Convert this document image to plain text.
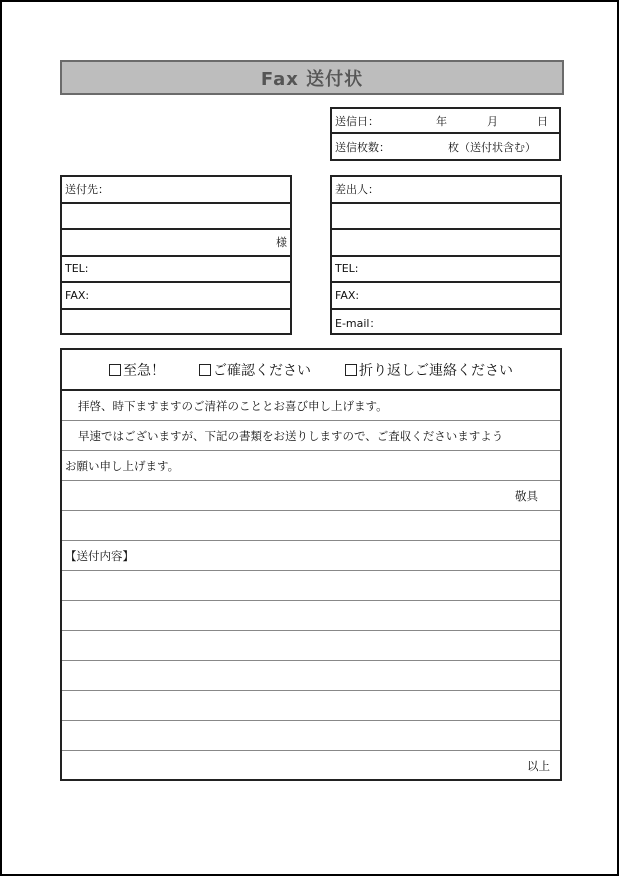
Fax 送付状
送信日：	年	月	日
送信枚数：	枚（送付状含む）
送付先：
様
TEL:
FAX:
差出人：
TEL:
FAX:
E-mail：
至急！	ご確認ください	折り返しご連絡ください
拝啓、時下ますますのご清祥のこととお喜び申し上げます。
早速ではございますが、下記の書類をお送りしますので、ご査収くださいますよう
お願い申し上げます。
敬具
【送付内容】
以上
